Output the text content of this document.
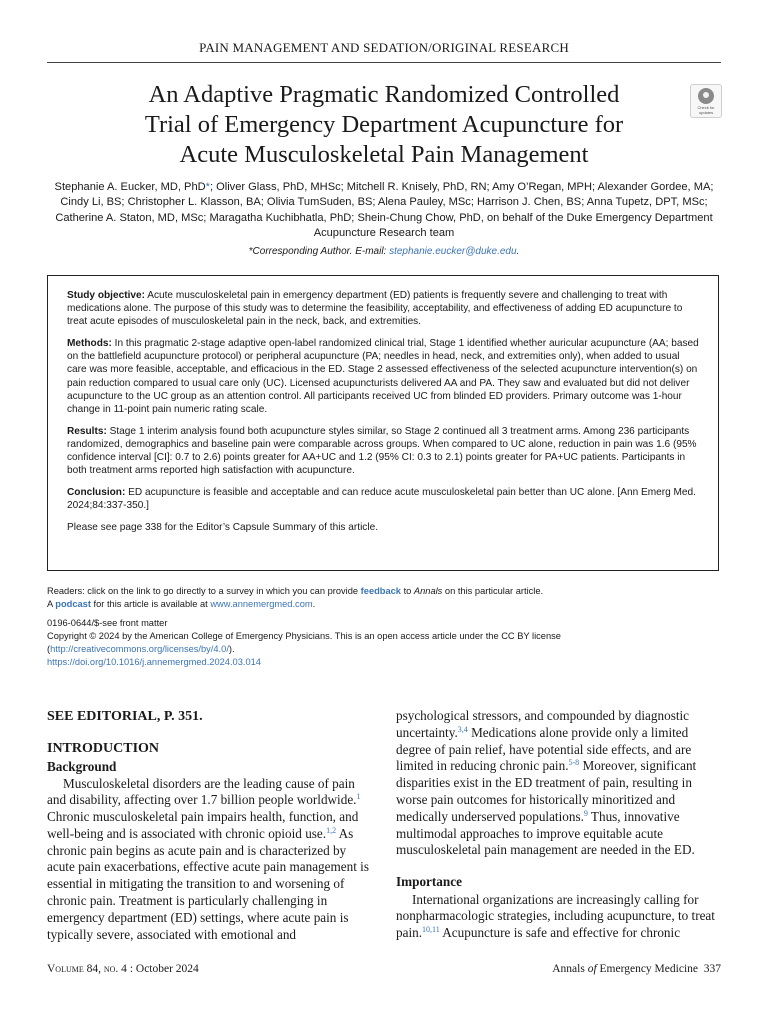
PAIN MANAGEMENT AND SEDATION/ORIGINAL RESEARCH
An Adaptive Pragmatic Randomized Controlled
Trial of Emergency Department Acupuncture for
Acute Musculoskeletal Pain Management
Check for
updates

Stephanie A. Eucker, MD, PhD*; Oliver Glass, PhD, MHSc; Mitchell R. Knisely, PhD, RN; Amy O’Regan, MPH; Alexander Gordee, MA; Cindy Li, BS; Christopher L. Klasson, BA; Olivia TumSuden, BS; Alena Pauley, MSc; Harrison J. Chen, BS; Anna Tupetz, DPT, MSc; Catherine A. Staton, MD, MSc; Maragatha Kuchibhatla, PhD; Shein-Chung Chow, PhD, on behalf of the Duke Emergency Department Acupuncture Research team

*Corresponding Author. E-mail: stephanie.eucker@duke.edu.

Study objective: Acute musculoskeletal pain in emergency department (ED) patients is frequently severe and challenging to treat with medications alone. The purpose of this study was to determine the feasibility, acceptability, and effectiveness of adding ED acupuncture to treat acute episodes of musculoskeletal pain in the neck, back, and extremities.

Methods: In this pragmatic 2-stage adaptive open-label randomized clinical trial, Stage 1 identified whether auricular acupuncture (AA; based on the battlefield acupuncture protocol) or peripheral acupuncture (PA; needles in head, neck, and extremities only), when added to usual care was more feasible, acceptable, and efficacious in the ED. Stage 2 assessed effectiveness of the selected acupuncture intervention(s) on pain reduction compared to usual care only (UC). Licensed acupuncturists delivered AA and PA. They saw and evaluated but did not deliver acupuncture to the UC group as an attention control. All participants received UC from blinded ED providers. Primary outcome was 1-hour change in 11-point pain numeric rating scale.

Results: Stage 1 interim analysis found both acupuncture styles similar, so Stage 2 continued all 3 treatment arms. Among 236 participants randomized, demographics and baseline pain were comparable across groups. When compared to UC alone, reduction in pain was 1.6 (95% confidence interval [CI]: 0.7 to 2.6) points greater for AA+UC and 1.2 (95% CI: 0.3 to 2.1) points greater for PA+UC patients. Participants in both treatment arms reported high satisfaction with acupuncture.

Conclusion: ED acupuncture is feasible and acceptable and can reduce acute musculoskeletal pain better than UC alone. [Ann Emerg Med. 2024;84:337-350.]

Please see page 338 for the Editor’s Capsule Summary of this article.

Readers: click on the link to go directly to a survey in which you can provide feedback to Annals on this particular article.
A podcast for this article is available at www.annemergmed.com.
0196-0644/$-see front matter
Copyright © 2024 by the American College of Emergency Physicians. This is an open access article under the CC BY license (http://creativecommons.org/licenses/by/4.0/).
https://doi.org/10.1016/j.annemergmed.2024.03.014
SEE EDITORIAL, P. 351.
INTRODUCTION
Background

Musculoskeletal disorders are the leading cause of pain and disability, affecting over 1.7 billion people worldwide.$^1$ Chronic musculoskeletal pain impairs health, function, and well-being and is associated with chronic opioid use.$^{1,2}$ As chronic pain begins as acute pain and is characterized by acute pain exacerbations, effective acute pain management is essential in mitigating the transition to and worsening of chronic pain. Treatment is particularly challenging in emergency department (ED) settings, where acute pain is typically severe, associated with emotional and

psychological stressors, and compounded by diagnostic uncertainty.$^{3,4}$ Medications alone provide only a limited degree of pain relief, have potential side effects, and are limited in reducing chronic pain.$^{5-8}$ Moreover, significant disparities exist in the ED treatment of pain, resulting in worse pain outcomes for historically minoritized and medically underserved populations.$^9$ Thus, innovative multimodal approaches to improve equitable acute musculoskeletal pain management are needed in the ED.

Importance

International organizations are increasingly calling for nonpharmacologic strategies, including acupuncture, to treat pain.$^{10,11}$ Acupuncture is safe and effective for chronic

Volume 84, no. 4 : October 2024	Annals of Emergency Medicine 337
